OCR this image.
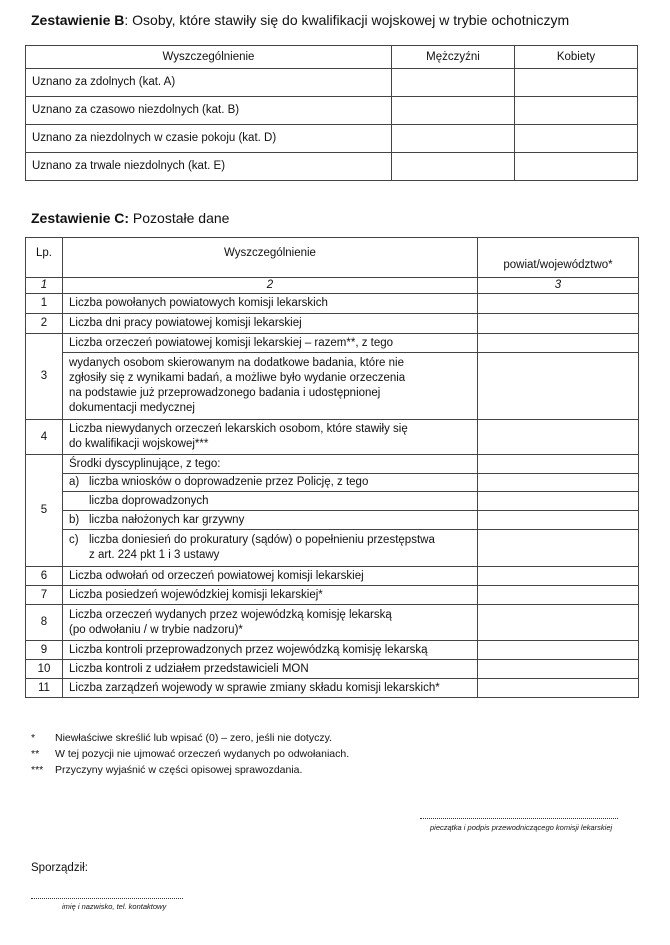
Zestawienie B: Osoby, które stawiły się do kwalifikacji wojskowej w trybie ochotniczym
Wyszczególnienie	Mężczyźni	Kobiety
Uznano za zdolnych (kat. A)		
Uznano za czasowo niezdolnych (kat. B)		
Uznano za niezdolnych w czasie pokoju (kat. D)		
Uznano za trwale niezdolnych (kat. E)		
Zestawienie C: Pozostałe dane
Lp.	Wyszczególnienie	powiat/województwo*
1	2	3
1	Liczba powołanych powiatowych komisji lekarskich	
2	Liczba dni pracy powiatowej komisji lekarskiej	
3	Liczba orzeczeń powiatowej komisji lekarskiej – razem**, z tego	

	wydanych osobom skierowanym na dodatkowe badania, które nie
zgłosiły się z wynikami badań, a możliwe było wydanie orzeczenia
na podstawie już przeprowadzonego badania i udostępnionej
dokumentacji medycznej	

4	Liczba niewydanych orzeczeń lekarskich osobom, które stawiły się
do kwalifikacji wojskowej***	

5	Środki dyscyplinujące, z tego:	
	a) liczba wniosków o doprowadzenie przez Policję, z tego	

	liczba doprowadzonych	

	b) liczba nałożonych kar grzywny	

	c) liczba doniesień do prokuratury (sądów) o popełnieniu przestępstwa
z art. 224 pkt 1 i 3 ustawy	

6	Liczba odwołań od orzeczeń powiatowej komisji lekarskiej	
7	Liczba posiedzeń wojewódzkiej komisji lekarskiej*	
8	Liczba orzeczeń wydanych przez wojewódzką komisję lekarską
(po odwołaniu / w trybie nadzoru)*	

9	Liczba kontroli przeprowadzonych przez wojewódzką komisję lekarską	
10	Liczba kontroli z udziałem przedstawicieli MON	
11	Liczba zarządzeń wojewody w sprawie zmiany składu komisji lekarskich*	
* Niewłaściwe skreślić lub wpisać (0) – zero, jeśli nie dotyczy.
** W tej pozycji nie ujmować orzeczeń wydanych po odwołaniach.
*** Przyczyny wyjaśnić w części opisowej sprawozdania.
pieczątka i podpis przewodniczącego komisji lekarskiej
Sporządził:
imię i nazwisko, tel. kontaktowy
